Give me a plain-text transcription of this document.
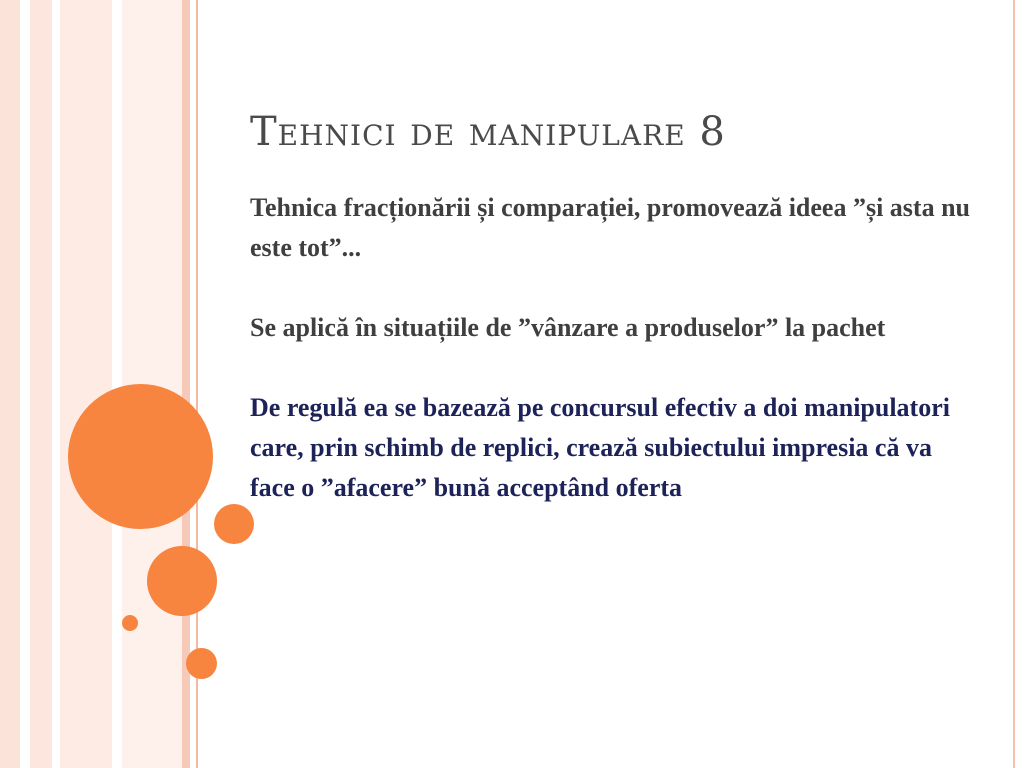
Tehnici de manipulare 8
Tehnica fracționării și comparației, promovează ideea ”și asta nu este tot”...
Se aplică în situațiile de ”vânzare a produselor” la pachet
De regulă ea se bazează pe concursul efectiv a doi manipulatori care, prin schimb de replici, crează subiectului impresia că va face o ”afacere” bună acceptând oferta
